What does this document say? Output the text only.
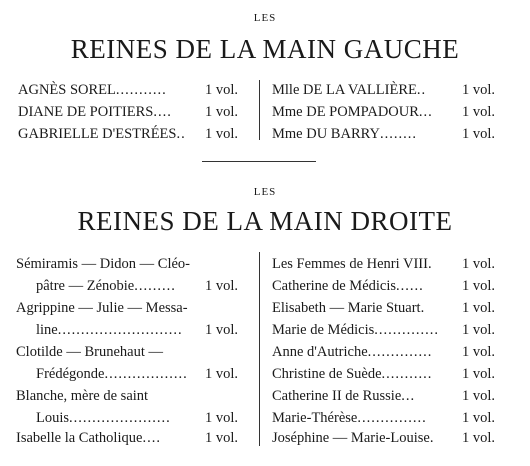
LES
REINES DE LA MAIN GAUCHE
AGNÈS SOREL...........	1 vol.
DIANE DE POITIERS.... 1 vol.
GABRIELLE D'ESTRÉES.. 1 vol.
Mlle DE LA VALLIÈRE.. 1 vol.
Mme DE POMPADOUR... 1 vol.
Mme DU BARRY........	1 vol.
LES
REINES DE LA MAIN DROITE
Sémiramis — Didon — Cléo-
pâtre — Zénobie......... 1 vol.
Agrippine — Julie — Messa-
line........................... 1 vol.
Clotilde — Brunehaut —
Frédégonde.................. 1 vol.
Blanche, mère de saint
Louis...................... 1 vol.
Isabelle la Catholique....	1 vol.
Les Femmes de Henri VIII. 1 vol.
Catherine de Médicis......	1 vol.
Elisabeth — Marie Stuart.	1 vol.
Marie de Médicis.............. 1 vol.
Anne d'Autriche.............. 1 vol.
Christine de Suède........... 1 vol.
Catherine II de Russie...	1 vol.
Marie-Thérèse............... 1 vol.
Joséphine — Marie-Louise. 1 vol.
